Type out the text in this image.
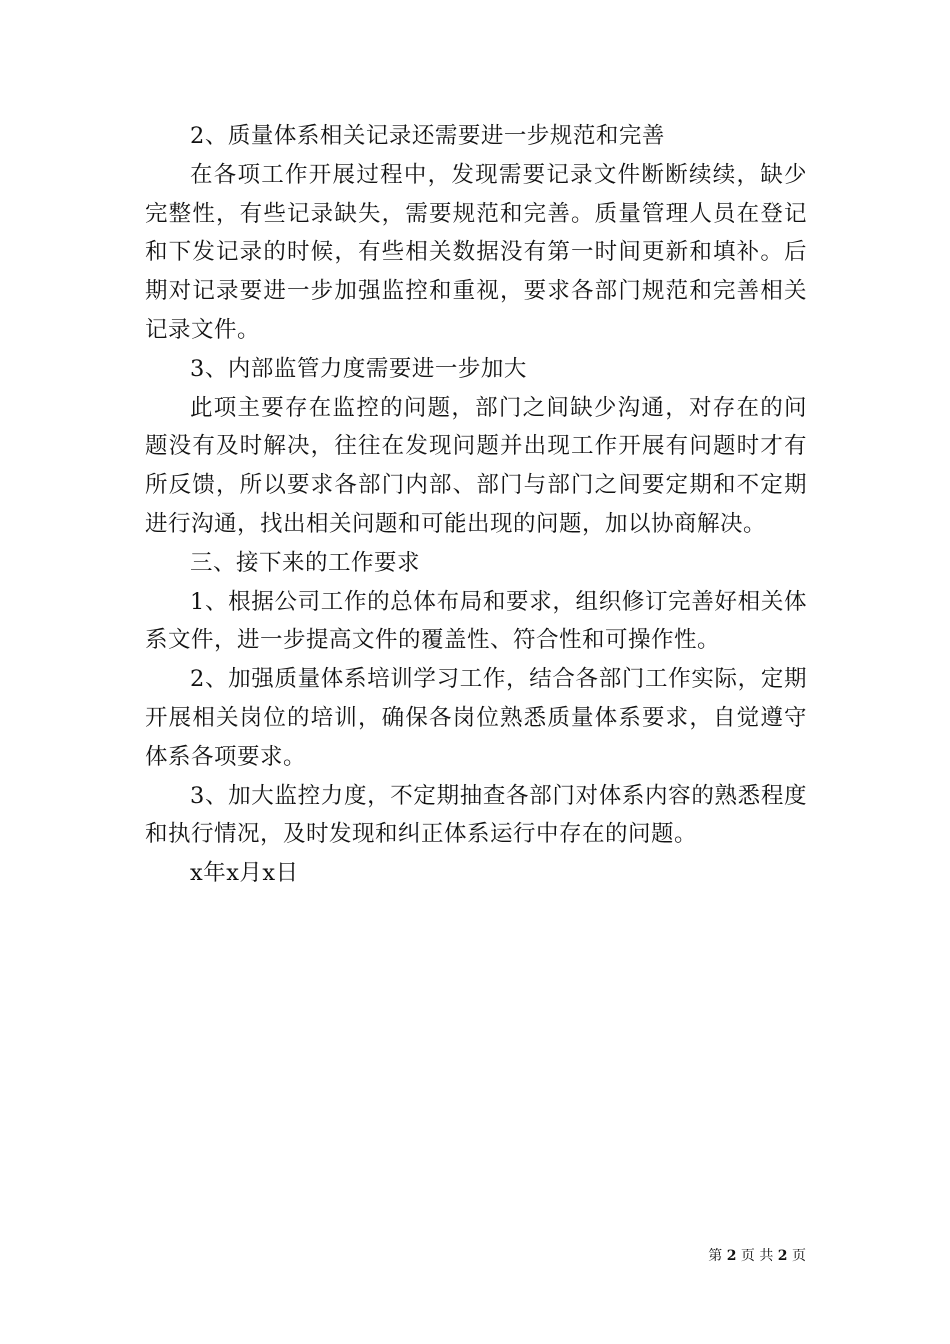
2、质量体系相关记录还需要进一步规范和完善

在各项工作开展过程中，发现需要记录文件断断续续，缺少完整性，有些记录缺失，需要规范和完善。质量管理人员在登记和下发记录的时候，有些相关数据没有第一时间更新和填补。后期对记录要进一步加强监控和重视，要求各部门规范和完善相关记录文件。

3、内部监管力度需要进一步加大

此项主要存在监控的问题，部门之间缺少沟通，对存在的问题没有及时解决，往往在发现问题并出现工作开展有问题时才有所反馈，所以要求各部门内部、部门与部门之间要定期和不定期进行沟通，找出相关问题和可能出现的问题，加以协商解决。

三、接下来的工作要求

1、根据公司工作的总体布局和要求，组织修订完善好相关体系文件，进一步提高文件的覆盖性、符合性和可操作性。

2、加强质量体系培训学习工作，结合各部门工作实际，定期开展相关岗位的培训，确保各岗位熟悉质量体系要求，自觉遵守体系各项要求。

3、加大监控力度，不定期抽查各部门对体系内容的熟悉程度和执行情况，及时发现和纠正体系运行中存在的问题。

x年x月x日

第 2 页 共 2 页
